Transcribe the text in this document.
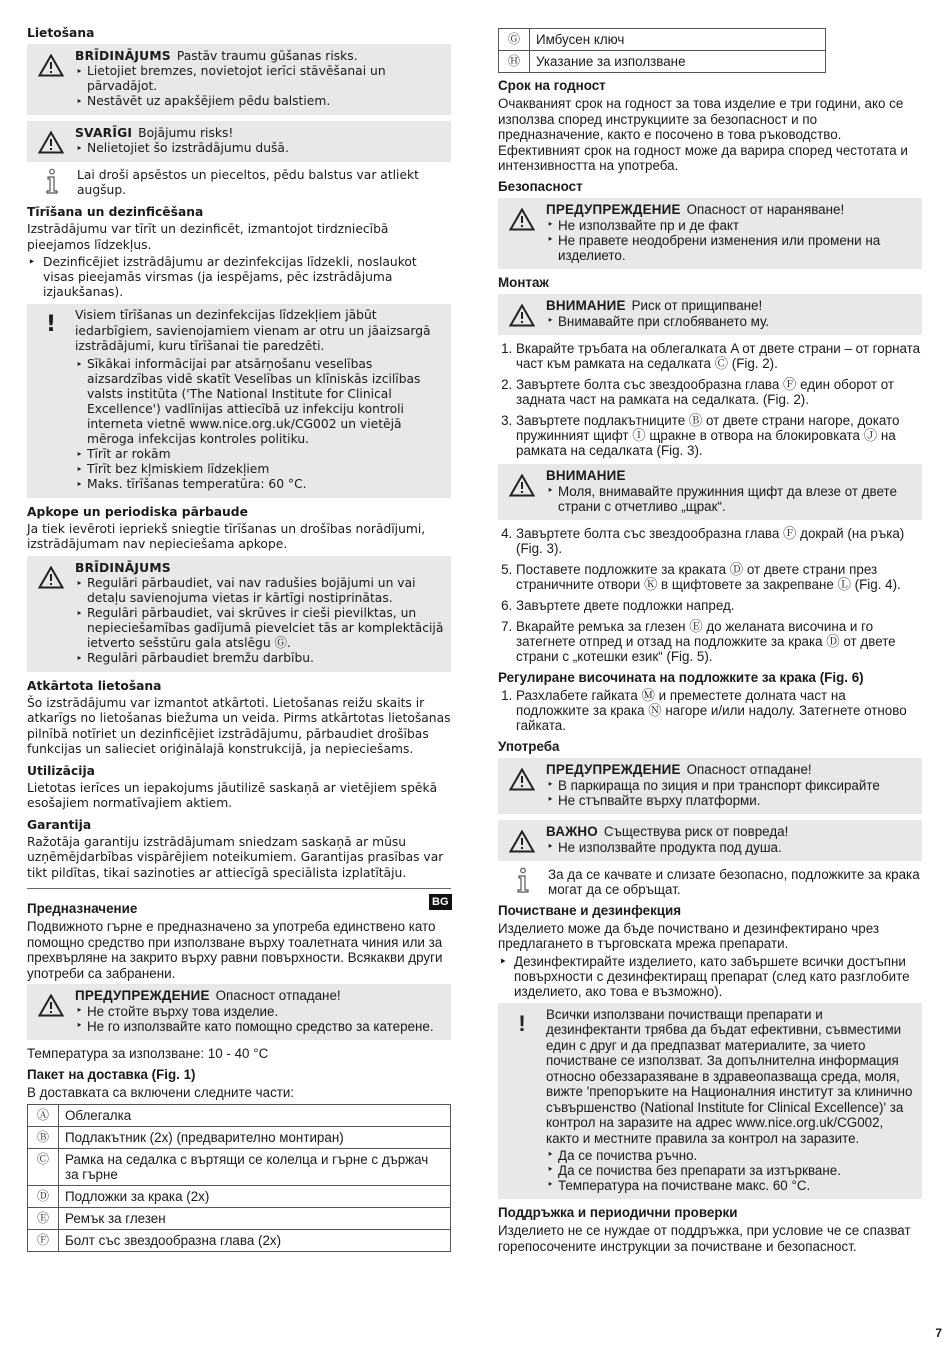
Lietošana
BRĪDINĀJUMS Pastāv traumu gūšanas risks.
‣ Lietojiet bremzes, novietojot ierīci stāvēšanai un pārvadājot.
‣ Nestāvēt uz apakšējiem pēdu balstiem.
SVARĪGI Bojājumu risks!
‣ Nelietojiet šo izstrādājumu dušā.
Lai droši apsēstos un pieceltos, pēdu balstus var atliekt augšup.
Tīrīšana un dezinficēšana

Izstrādājumu var tīrīt un dezinficēt, izmantojot tirdzniecībā pieejamos līdzekļus.

‣ Dezinficējiet izstrādājumu ar dezinfekcijas līdzekli, noslaukot visas pieejamās virsmas (ja iespējams, pēc izstrādājuma izjaukšanas).
! Visiem tīrīšanas un dezinfekcijas līdzekļiem jābūt iedarbīgiem, savienojamiem vienam ar otru un jāaizsargā izstrādājumi, kuru tīrīšanai tie paredzēti.

‣ Sīkākai informācijai par atsārņošanu veselības aizsardzības vidē skatīt Veselības un klīniskās izcilības valsts institūta ('The National Institute for Clinical Excellence') vadlīnijas attiecībā uz infekciju kontroli interneta vietnē www.nice.org.uk/CG002 un vietējā mēroga infekcijas kontroles politiku.
‣ Tīrīt ar rokām
‣ Tīrīt bez kļmiskiem līdzekļiem
‣ Maks. tīrīšanas temperatūra: 60 °C.
Apkope un periodiska pārbaude

Ja tiek ievēroti iepriekš sniegtie tīrīšanas un drošības norādījumi, izstrādājumam nav nepieciešama apkope.

BRĪDINĀJUMS
‣ Regulāri pārbaudiet, vai nav radušies bojājumi un vai detaļu savienojuma vietas ir kārtīgi nostiprinātas.
‣ Regulāri pārbaudiet, vai skrūves ir cieši pievilktas, un nepieciešamības gadījumā pievelciet tās ar komplektācijā ietverto sešstūru gala atslēgu Ⓖ.
‣ Regulāri pārbaudiet bremžu darbību.
Atkārtota lietošana

Šo izstrādājumu var izmantot atkārtoti. Lietošanas reižu skaits ir atkarīgs no lietošanas biežuma un veida. Pirms atkārtotas lietošanas pilnībā notīriet un dezinficējiet izstrādājumu, pārbaudiet drošības funkcijas un salieciet oriģinālajā konstrukcijā, ja nepieciešams.

Utilizācija

Lietotas ierīces un iepakojums jāutilizē saskaņā ar vietējiem spēkā esošajiem normatīvajiem aktiem.

Garantija

Ražotāja garantiju izstrādājumam sniedzam saskaņā ar mūsu uzņēmējdarbības vispārējiem noteikumiem. Garantijas prasības var tikt pildītas, tikai sazinoties ar attiecīgā speciālista izplatītāju.

BG
Предназначение

Подвижното гърне е предназначено за употреба единствено като помощно средство при използване върху тоалетната чиния или за прехвърляне на закрито върху равни повърхности. Всякакви други употреби са забранени.

ПРЕДУПРЕЖДЕНИЕ Опасност отпадане!
‣ Не стойте върху това изделие.
‣ Не го използвайте като помощно средство за катерене.

Температура за използване: 10 - 40 °C

Пакет на доставка (Fig. 1)

В доставката са включени следните части:

Ⓐ	Облегалка
Ⓑ	Подлакътник (2x) (предварително монтиран)
Ⓒ	Рамка на седалка с въртящи се колелца и гърне с държач за гърне
Ⓓ	Подложки за крака (2x)
Ⓔ	Ремък за глезен
Ⓕ	Болт със звездообразна глава (2x)
Ⓖ	Имбусен ключ
Ⓗ	Указание за използване
Срок на годност

Очакваният срок на годност за това изделие е три години, ако се използва според инструкциите за безопасност и по предназначение, както е посочено в това ръководство. Ефективният срок на годност може да варира според честотата и интензивността на употреба.

Безопасност
ПРЕДУПРЕЖДЕНИЕ Опасност от нараняване!
‣ Не използвайте пр и де факт
‣ Не правете неодобрени изменения или промени на изделието.
Монтаж
ВНИМАНИЕ Риск от прищипване!
‣ Внимавайте при сглобяването му.
1. Вкарайте тръбата на облегалката A от двете страни – от горната част към рамката на седалката Ⓒ (Fig. 2).
2. Завъртете болта със звездообразна глава Ⓕ един оборот от задната част на рамката на седалката. (Fig. 2).
3. Завъртете подлакътниците Ⓑ от двете страни нагоре, докато пружинният щифт Ⓘ щракне в отвора на блокировката Ⓙ на рамката на седалката (Fig. 3).
ВНИМАНИЕ
‣ Моля, внимавайте пружинния щифт да влезе от двете страни с отчетливо „щрак“.
4. Завъртете болта със звездообразна глава Ⓕ докрай (на ръка) (Fig. 3).
5. Поставете подложките за краката Ⓓ от двете страни през страничните отвори Ⓚ в щифтовете за закрепване Ⓛ (Fig. 4).
6. Завъртете двете подложки напред.
7. Вкарайте ремъка за глезен Ⓔ до желаната височина и го затегнете отпред и отзад на подложките за крака Ⓓ от двете страни с „котешки език“ (Fig. 5).
Регулиране височината на подложките за крака (Fig. 6)
1. Разхлабете гайката Ⓜ и преместете долната част на подложките за крака Ⓝ нагоре и/или надолу. Затегнете отново гайката.
Употреба
ПРЕДУПРЕЖДЕНИЕ Опасност отпадане!
‣ В паркираща по зиция и при транспорт фиксирайте
‣ Не стъпвайте върху платформи.
ВАЖНО Съществува риск от повреда!
‣ Не използвайте продукта под душа.
За да се качвате и слизате безопасно, подложките за крака могат да се обръщат.
Почистване и дезинфекция

Изделието може да бъде почиствано и дезинфектирано чрез предлагането в търговската мрежа препарати.

‣ Дезинфектирайте изделието, като забършете всички достъпни повърхности с дезинфектиращ препарат (след като разглобите изделието, ако това е възможно).
! Всички използвани почистващи препарати и дезинфектанти трябва да бъдат ефективни, съвместими един с друг и да предпазват материалите, за чието почистване се използват. За допълнителна информация относно обеззаразяване в здравеопазваща среда, моля, вижте 'препоръките на Националния институт за клинично съвършенство (National Institute for Clinical Excellence)' за контрол на заразите на адрес www.nice.org.uk/CG002, както и местните правила за контрол на заразите.

‣ Да се почиства ръчно.
‣ Да се почиства без препарати за изтъркване.
‣ Температура на почистване макс. 60 °C.
Поддръжка и периодични проверки

Изделието не се нуждае от поддръжка, при условие че се спазват горепосочените инструкции за почистване и безопасност.

7
